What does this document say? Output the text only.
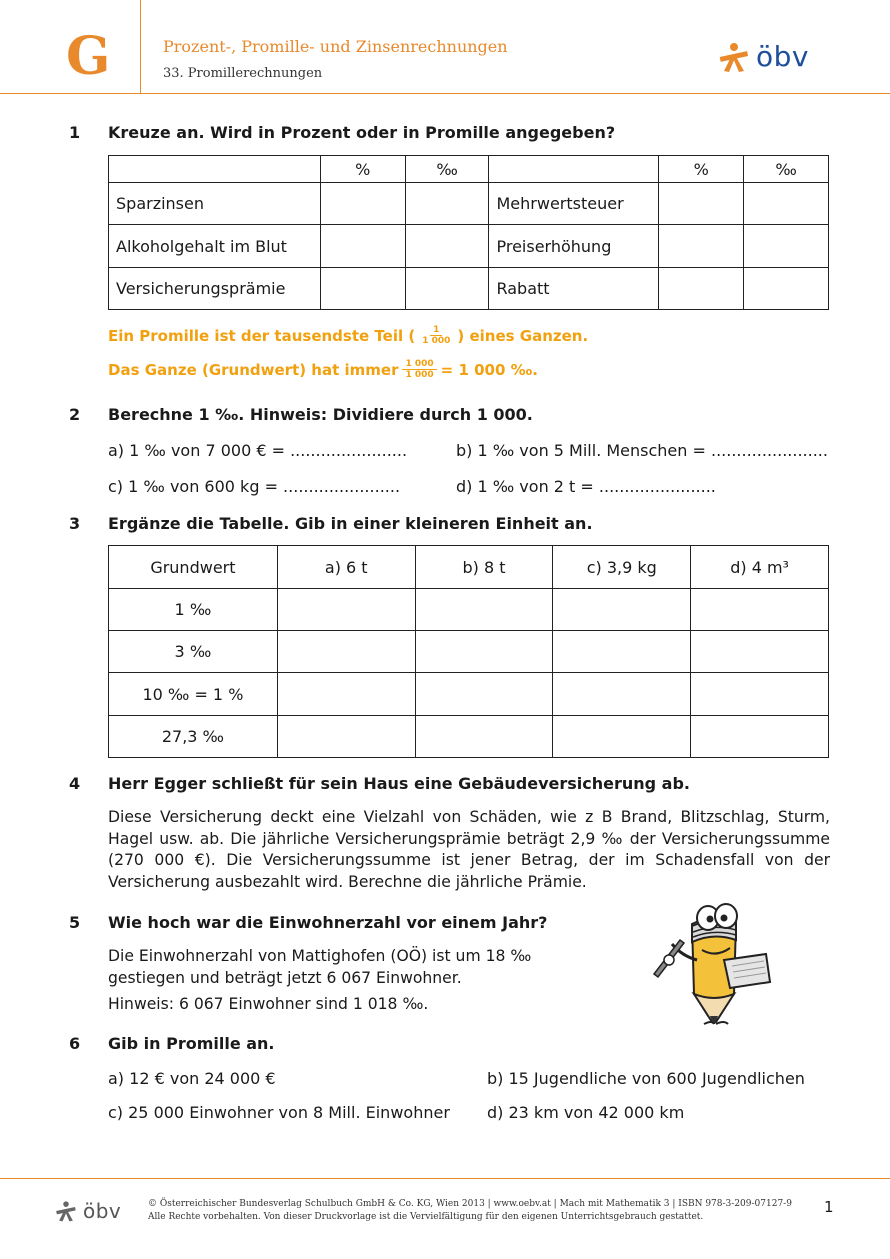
G	Prozent-, Promille- und Zinsenrechnungen
33. Promillerechnungen
öbv
1 Kreuze an. Wird in Prozent oder in Promille angegeben?
	%	‰		%	‰
Sparzinsen			Mehrwertsteuer		
Alkoholgehalt im Blut			Preiserhöhung		
Versicherungsprämie			Rabatt		
Ein Promille ist der tausendste Teil ( $\frac{1}{1 000}$ ) eines Ganzen.
Das Ganze (Grundwert) hat immer $\frac{1 000}{1 000} = 1$ 000 ‰.
2 Berechne 1 ‰. Hinweis: Dividiere durch 1 000.
a) 1 ‰ von 7 000 € = .......................	b) 1 ‰ von 5 Mill. Menschen = .......................
c) 1 ‰ von 600 kg = .......................	d) 1 ‰ von 2 t = .......................
3 Ergänze die Tabelle. Gib in einer kleineren Einheit an.
Grundwert	a) 6 t	b) 8 t	c) 3,9 kg	d) 4 m³
1 ‰				
3 ‰				
10 ‰ = 1 %				
27,3 ‰				
4 Herr Egger schließt für sein Haus eine Gebäudeversicherung ab.
Diese Versicherung deckt eine Vielzahl von Schäden, wie z B Brand, Blitzschlag, Sturm, Hagel usw. ab. Die jährliche Versicherungsprämie beträgt 2,9 ‰ der Versicherungssumme (270 000 €). Die Versicherungssumme ist jener Betrag, der im Schadensfall von der Versicherung ausbezahlt wird. Berechne die jährliche Prämie.
5 Wie hoch war die Einwohnerzahl vor einem Jahr?
Die Einwohnerzahl von Mattighofen (OÖ) ist um 18 ‰
gestiegen und beträgt jetzt 6 067 Einwohner.
Hinweis: 6 067 Einwohner sind 1 018 ‰.
6 Gib in Promille an.
a) 12 € von 24 000 €	b) 15 Jugendliche von 600 Jugendlichen
c) 25 000 Einwohner von 8 Mill. Einwohner d) 23 km von 42 000 km
öbv	© Österreichischer Bundesverlag Schulbuch GmbH & Co. KG, Wien 2013 | www.oebv.at | Mach mit Mathematik 3 | ISBN 978-3-209-07127-9
Alle Rechte vorbehalten. Von dieser Druckvorlage ist die Vervielfältigung für den eigenen Unterrichtsgebrauch gestattet.
1
